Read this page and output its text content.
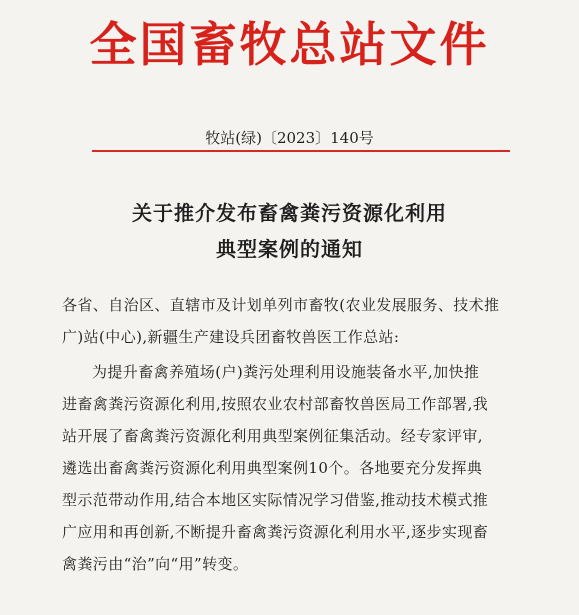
全国畜牧总站文件
牧站(绿)〔2023〕140号
关于推介发布畜禽粪污资源化利用
典型案例的通知
各省、自治区、直辖市及计划单列市畜牧(农业发展服务、技术推
广)站(中心),新疆生产建设兵团畜牧兽医工作总站:
为提升畜禽养殖场(户)粪污处理利用设施装备水平,加快推
进畜禽粪污资源化利用,按照农业农村部畜牧兽医局工作部署,我
站开展了畜禽粪污资源化利用典型案例征集活动。经专家评审,
遴选出畜禽粪污资源化利用典型案例10个。各地要充分发挥典
型示范带动作用,结合本地区实际情况学习借鉴,推动技术模式推
广应用和再创新,不断提升畜禽粪污资源化利用水平,逐步实现畜
禽粪污由“治”向“用”转变。
